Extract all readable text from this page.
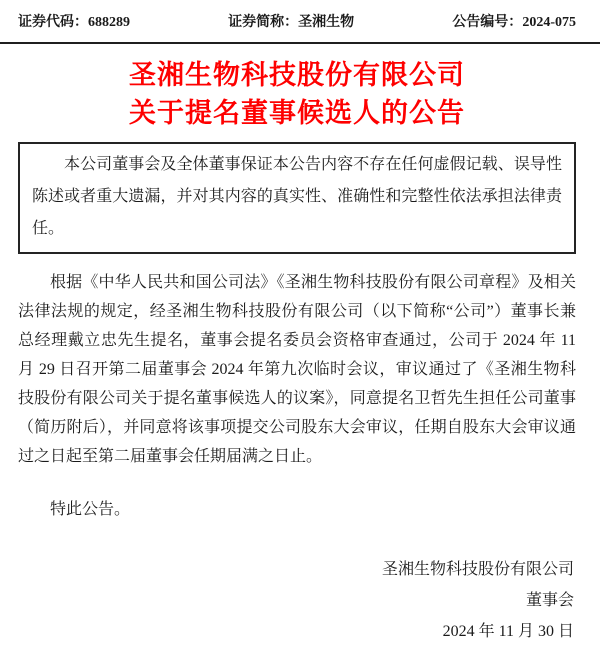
证券代码：688289	证券简称：圣湘生物	公告编号：2024-075
圣湘生物科技股份有限公司
关于提名董事候选人的公告

本公司董事会及全体董事保证本公告内容不存在任何虚假记载、误导性陈述或者重大遗漏，并对其内容的真实性、准确性和完整性依法承担法律责任。

根据《中华人民共和国公司法》《圣湘生物科技股份有限公司章程》及相关法律法规的规定，经圣湘生物科技股份有限公司（以下简称“公司”）董事长兼总经理戴立忠先生提名，董事会提名委员会资格审查通过，公司于 2024 年 11 月 29 日召开第二届董事会 2024 年第九次临时会议，审议通过了《圣湘生物科技股份有限公司关于提名董事候选人的议案》，同意提名卫哲先生担任公司董事（简历附后），并同意将该事项提交公司股东大会审议，任期自股东大会审议通过之日起至第二届董事会任期届满之日止。

特此公告。

圣湘生物科技股份有限公司
董事会
2024 年 11 月 30 日
